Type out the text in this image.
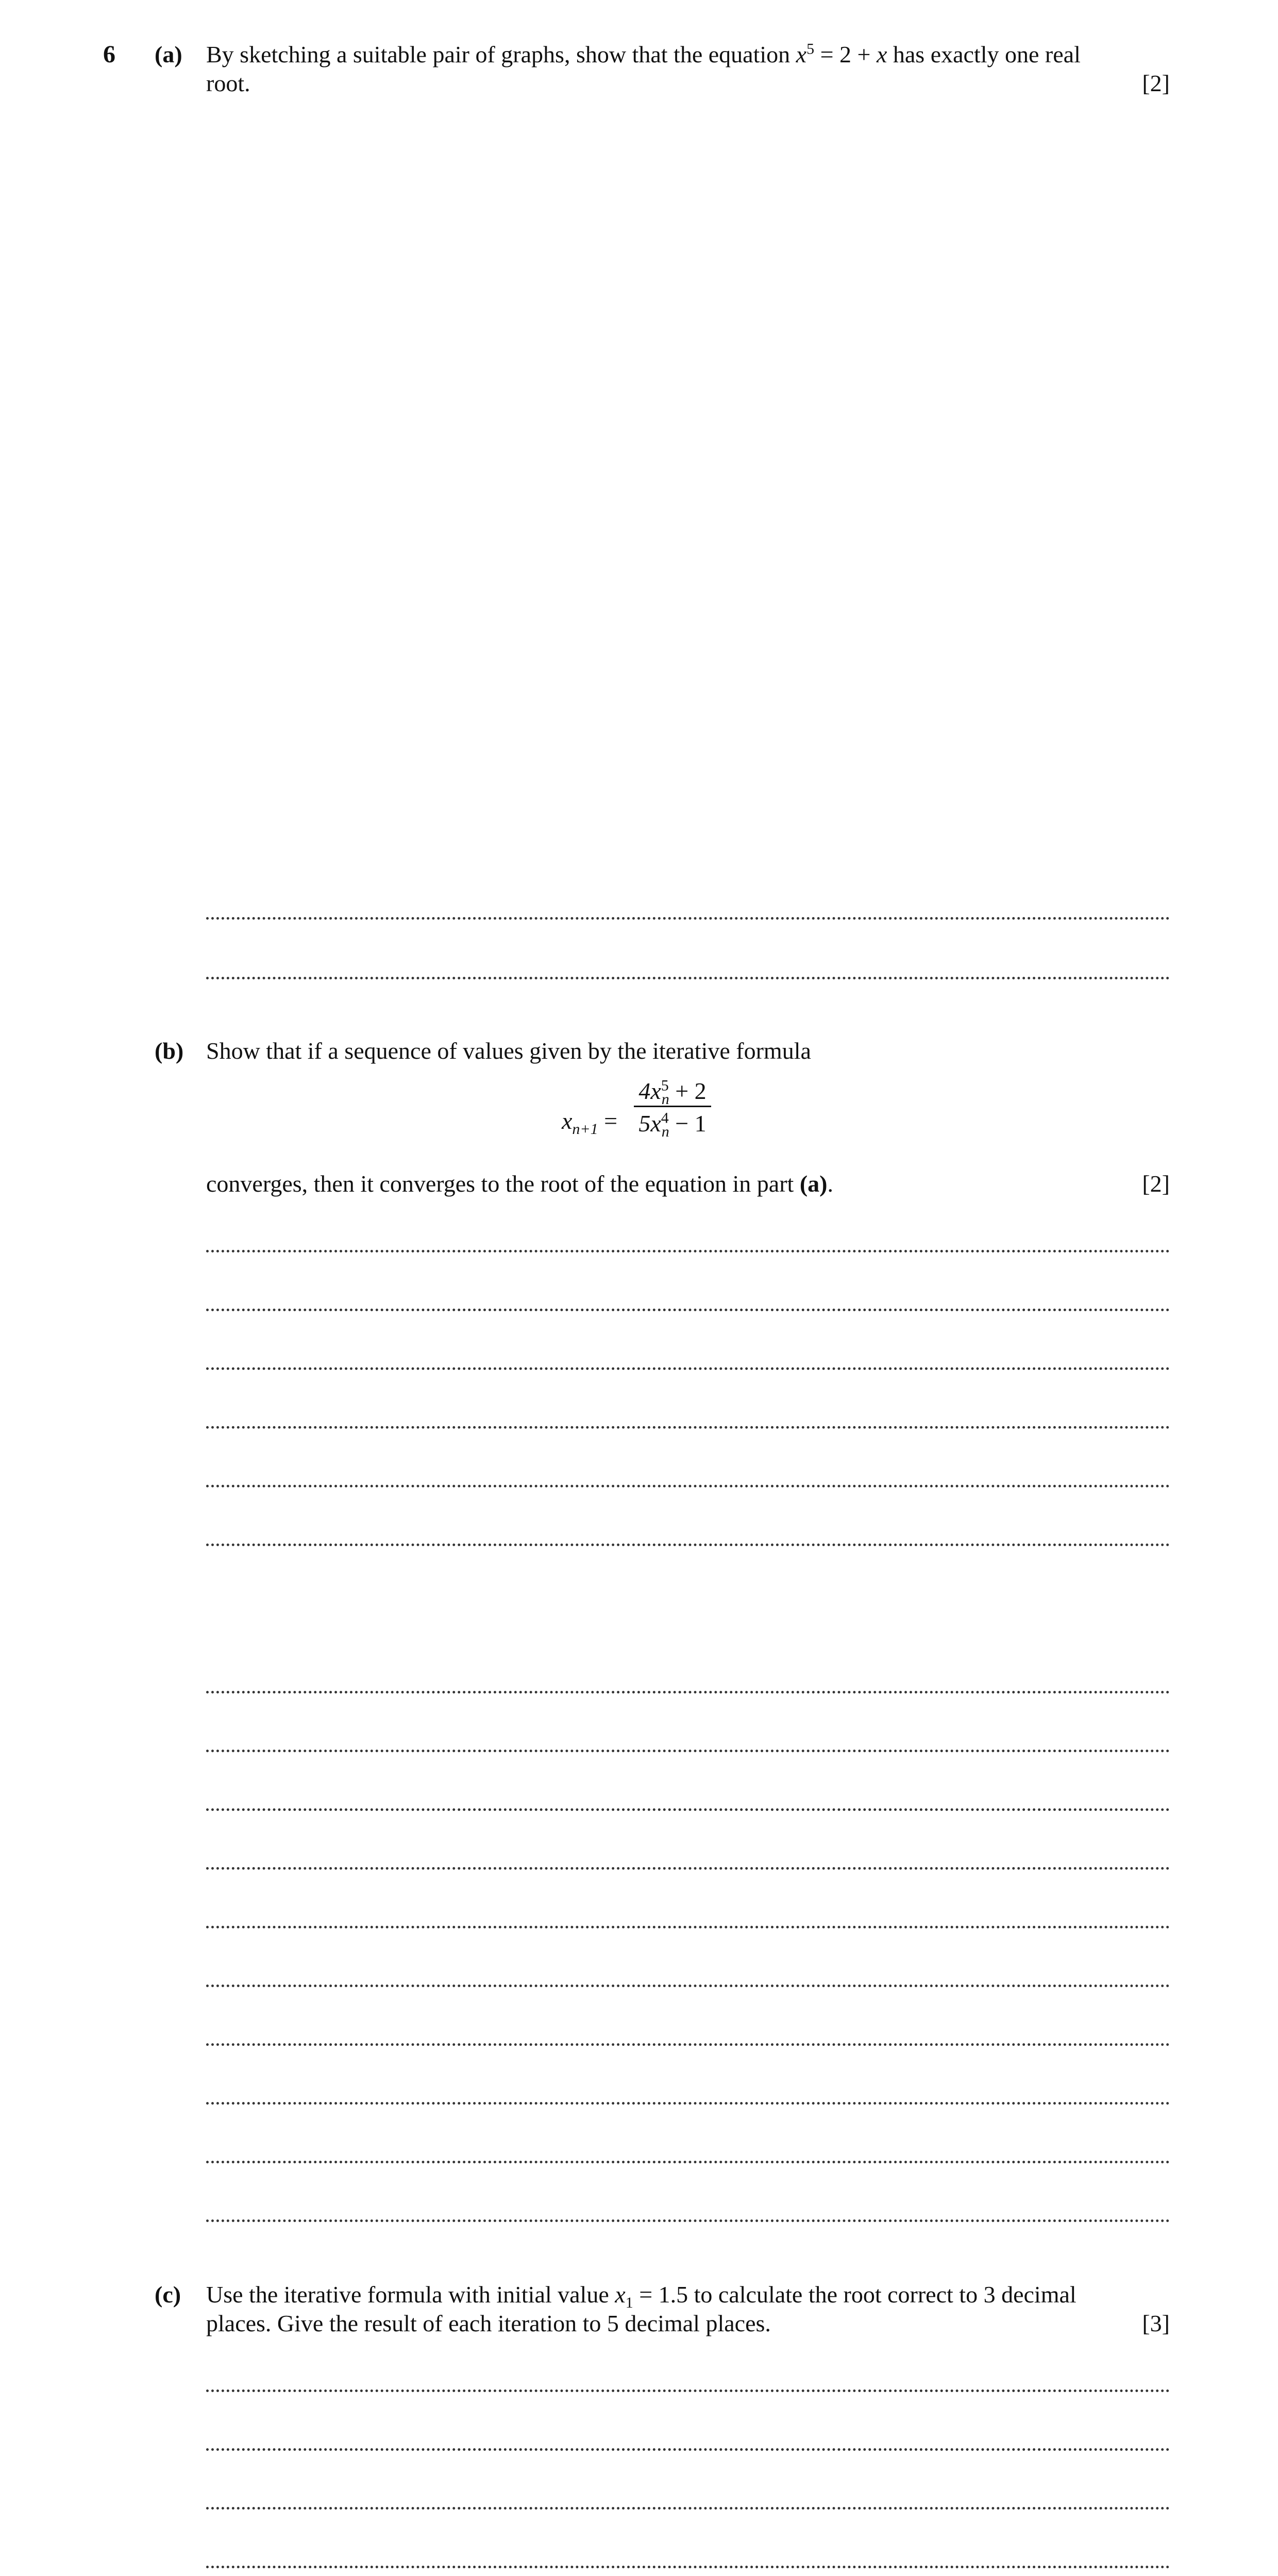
6 (a) By sketching a suitable pair of graphs, show that the equation $x^5 = 2 + x$ has exactly one real
root.	[2]
(b) Show that if a sequence of values given by the iterative formula
$x_{n+1} = \frac{4x^5_n + 2}{5x^4_n - 1}$
converges, then it converges to the root of the equation in part (a).	[2]
(c) Use the iterative formula with initial value $x_1 = 1.5$ to calculate the root correct to 3 decimal
places. Give the result of each iteration to 5 decimal places.	[3]
